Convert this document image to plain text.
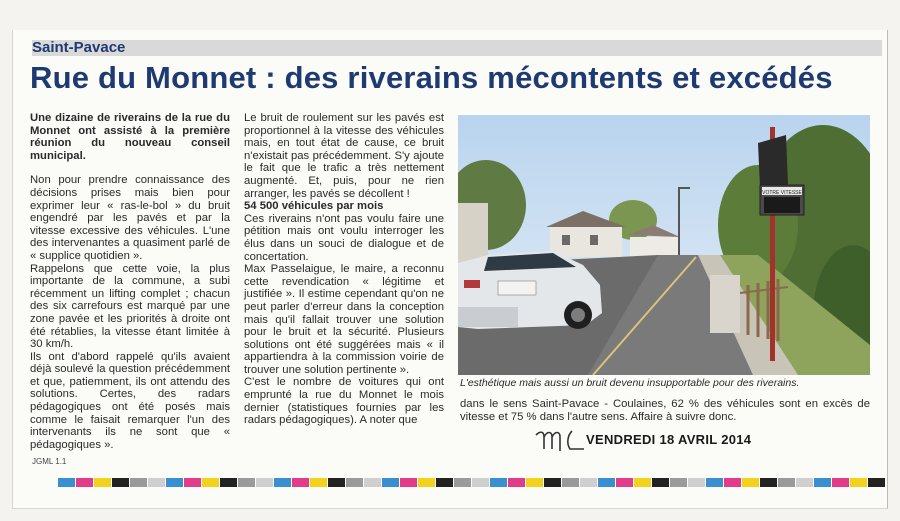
Saint-Pavace
Rue du Monnet : des riverains mécontents et excédés

Une dizaine de riverains de la rue du Monnet ont assisté à la première réunion du nouveau conseil municipal.

Non pour prendre connaissance des décisions prises mais bien pour exprimer leur « ras-le-bol » du bruit engendré par les pavés et par la vitesse excessive des véhicules. L'une des intervenantes a quasiment parlé de « supplice quotidien ».

Rappelons que cette voie, la plus importante de la commune, a subi récemment un lifting complet ; chacun des six carrefours est marqué par une zone pavée et les priorités à droite ont été rétablies, la vitesse étant limitée à 30 km/h.

Ils ont d'abord rappelé qu'ils avaient déjà soulevé la question précédemment et que, patiemment, ils ont attendu des solutions. Certes, des radars pédagogiques ont été posés mais comme le faisait remarquer l'un des intervenants ils ne sont que « pédagogiques ».

Le bruit de roulement sur les pavés est proportionnel à la vitesse des véhicules mais, en tout état de cause, ce bruit n'existait pas précédemment. S'y ajoute le fait que le trafic a très nettement augmenté. Et, puis, pour ne rien arranger, les pavés se décollent !

54 500 véhicules par mois

Ces riverains n'ont pas voulu faire une pétition mais ont voulu interroger les élus dans un souci de dialogue et de concertation.

Max Passelaigue, le maire, a reconnu cette revendication « légitime et justifiée ». Il estime cependant qu'on ne peut parler d'erreur dans la conception mais qu'il fallait trouver une solution pour le bruit et la sécurité. Plusieurs solutions ont été suggérées mais « il appartiendra à la commission voirie de trouver une solution pertinente ».

C'est le nombre de voitures qui ont emprunté la rue du Monnet le mois dernier (statistiques fournies par les radars pédagogiques). A noter que

VOTRE VITESSE
L'esthétique mais aussi un bruit devenu insupportable pour des riverains.

dans le sens Saint-Pavace - Coulaines, 62 % des véhicules sont en excès de vitesse et 75 % dans l'autre sens. Affaire à suivre donc.

VENDREDI 18 AVRIL 2014
JGML 1.1
